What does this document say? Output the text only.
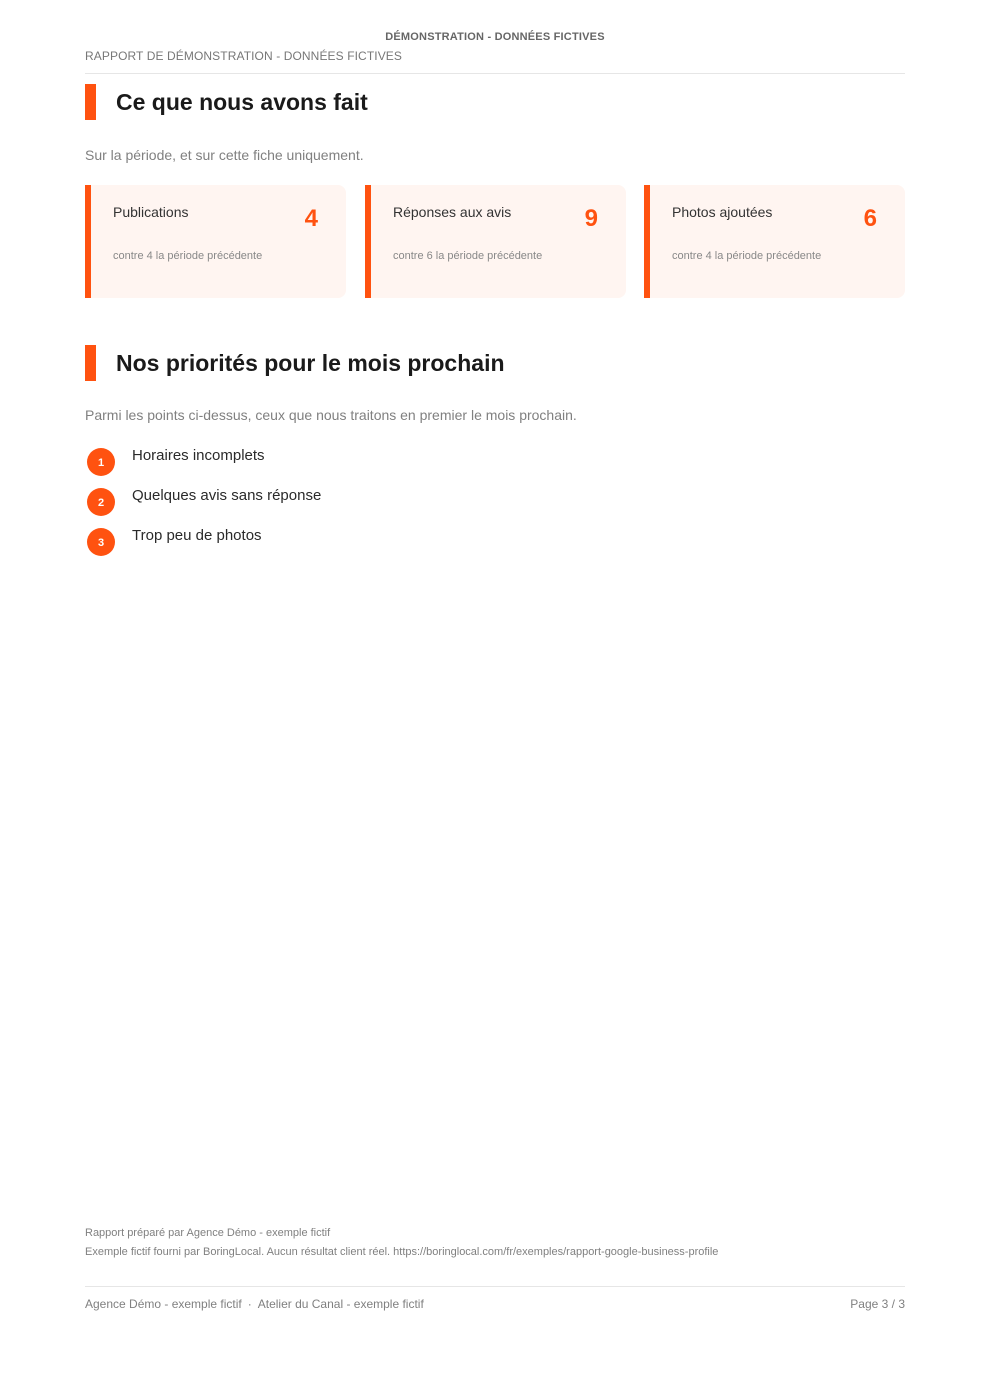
DÉMONSTRATION - DONNÉES FICTIVES
RAPPORT DE DÉMONSTRATION - DONNÉES FICTIVES
Ce que nous avons fait
Sur la période, et sur cette fiche uniquement.
Publications	4
contre 4 la période précédente
Réponses aux avis	9
contre 6 la période précédente
Photos ajoutées	6
contre 4 la période précédente
Nos priorités pour le mois prochain
Parmi les points ci-dessus, ceux que nous traitons en premier le mois prochain.
1	Horaires incomplets
2	Quelques avis sans réponse
3	Trop peu de photos
Rapport préparé par Agence Démo - exemple fictif
Exemple fictif fourni par BoringLocal. Aucun résultat client réel. https://boringlocal.com/fr/exemples/rapport-google-business-profile
Agence Démo - exemple fictif · Atelier du Canal - exemple fictif	Page 3 / 3
